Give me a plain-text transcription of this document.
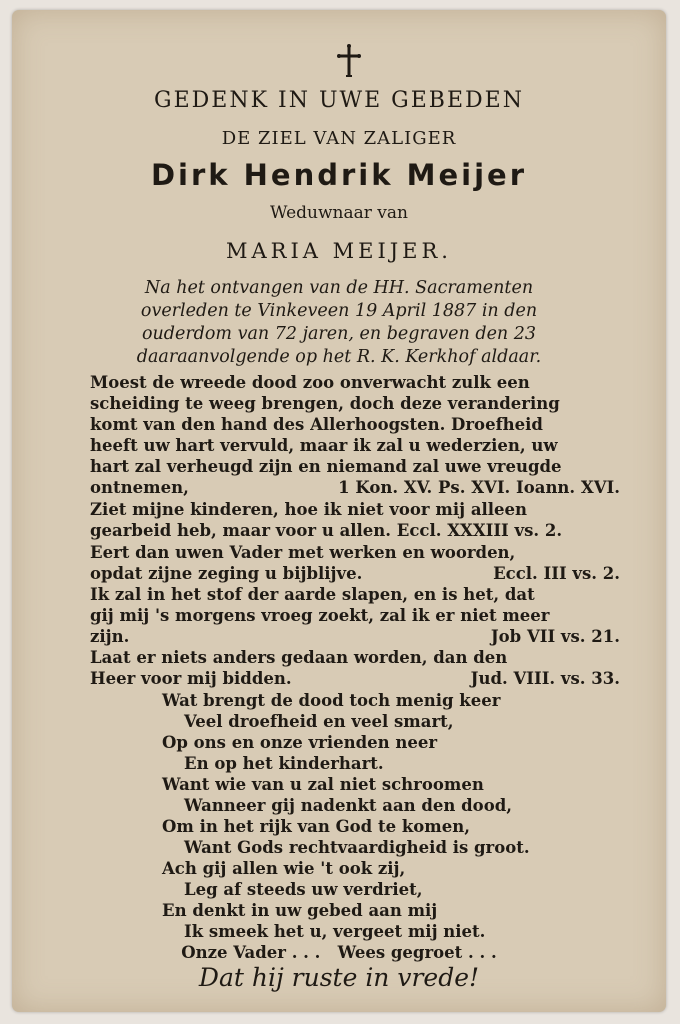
GEDENK IN UWE GEBEDEN
DE ZIEL VAN ZALIGER
Dirk Hendrik Meijer
Weduwnaar van
MARIA MEIJER.
Na het ontvangen van de HH. Sacramenten
overleden te Vinkeveen 19 April 1887 in den
ouderdom van 72 jaren, en begraven den 23
daaraanvolgende op het R. K. Kerkhof aldaar.
Moest de wreede dood zoo onverwacht zulk een
scheiding te weeg brengen, doch deze verandering
komt van den hand des Allerhoogsten. Droefheid
heeft uw hart vervuld, maar ik zal u wederzien, uw
hart zal verheugd zijn en niemand zal uwe vreugde
ontnemen,	1 Kon. XV. Ps. XVI. Ioann. XVI.
Ziet mijne kinderen, hoe ik niet voor mij alleen
gearbeid heb, maar voor u allen. Eccl. XXXIII vs. 2.
Eert dan uwen Vader met werken en woorden,
opdat zijne zeging u bijblijve.	Eccl. III vs. 2.
Ik zal in het stof der aarde slapen, en is het, dat
gij mij 's morgens vroeg zoekt, zal ik er niet meer
zijn.	Job VII vs. 21.
Laat er niets anders gedaan worden, dan den
Heer voor mij bidden.	Jud. VIII. vs. 33.
Wat brengt de dood toch menig keer
Veel droefheid en veel smart,
Op ons en onze vrienden neer
En op het kinderhart.
Want wie van u zal niet schroomen
Wanneer gij nadenkt aan den dood,
Om in het rijk van God te komen,
Want Gods rechtvaardigheid is groot.
Ach gij allen wie 't ook zij,
Leg af steeds uw verdriet,
En denkt in uw gebed aan mij
Ik smeek het u, vergeet mij niet.
Onze Vader . . .   Wees gegroet . . .
Dat hij ruste in vrede!
